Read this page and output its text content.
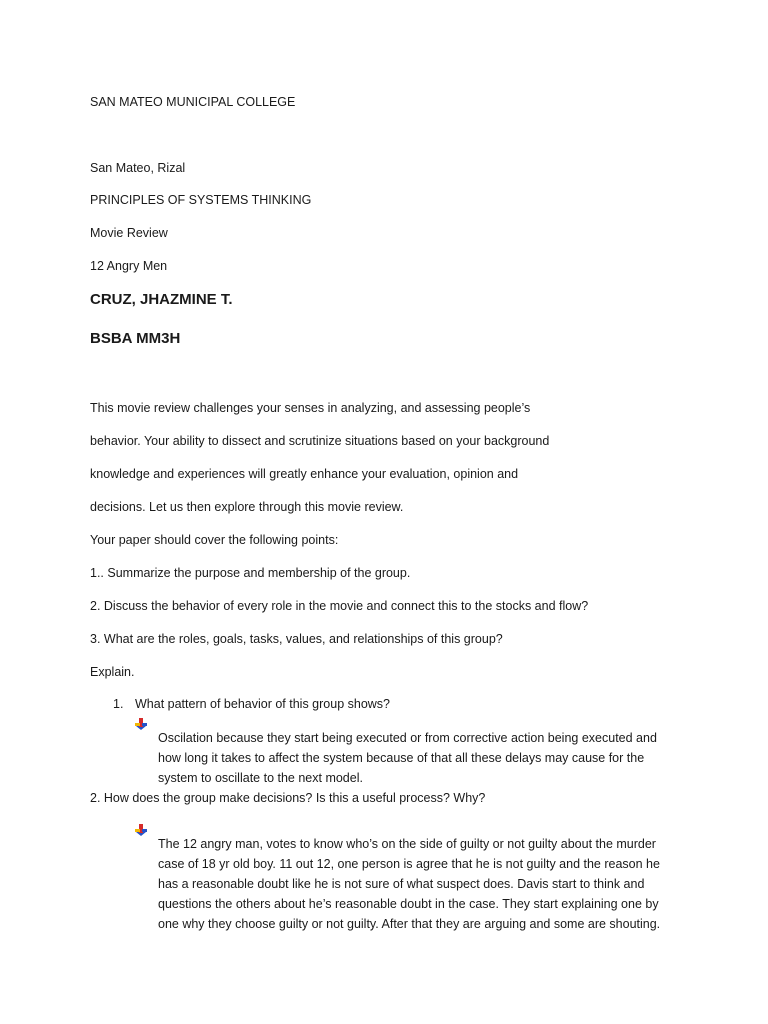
SAN MATEO MUNICIPAL COLLEGE

San Mateo, Rizal

PRINCIPLES OF SYSTEMS THINKING

Movie Review

12 Angry Men

CRUZ, JHAZMINE T.

BSBA MM3H

This movie review challenges your senses in analyzing, and assessing people’s

behavior. Your ability to dissect and scrutinize situations based on your background

knowledge and experiences will greatly enhance your evaluation, opinion and

decisions. Let us then explore through this movie review.

Your paper should cover the following points:

1.. Summarize the purpose and membership of the group.

2. Discuss the behavior of every role in the movie and connect this to the stocks and flow?

3. What are the roles, goals, tasks, values, and relationships of this group?

Explain.

1. What pattern of behavior of this group shows?

Oscilation because they start being executed or from corrective action being executed and how long it takes to affect the system because of that all these delays may cause for the system to oscillate to the next model.

2. How does the group make decisions? Is this a useful process? Why?

The 12 angry man, votes to know who’s on the side of guilty or not guilty about the murder case of 18 yr old boy. 11 out 12, one person is agree that he is not guilty and the reason he has a reasonable doubt like he is not sure of what suspect does. Davis start to think and questions the others about he’s reasonable doubt in the case. They start explaining one by one why they choose guilty or not guilty. After that they are arguing and some are shouting.
